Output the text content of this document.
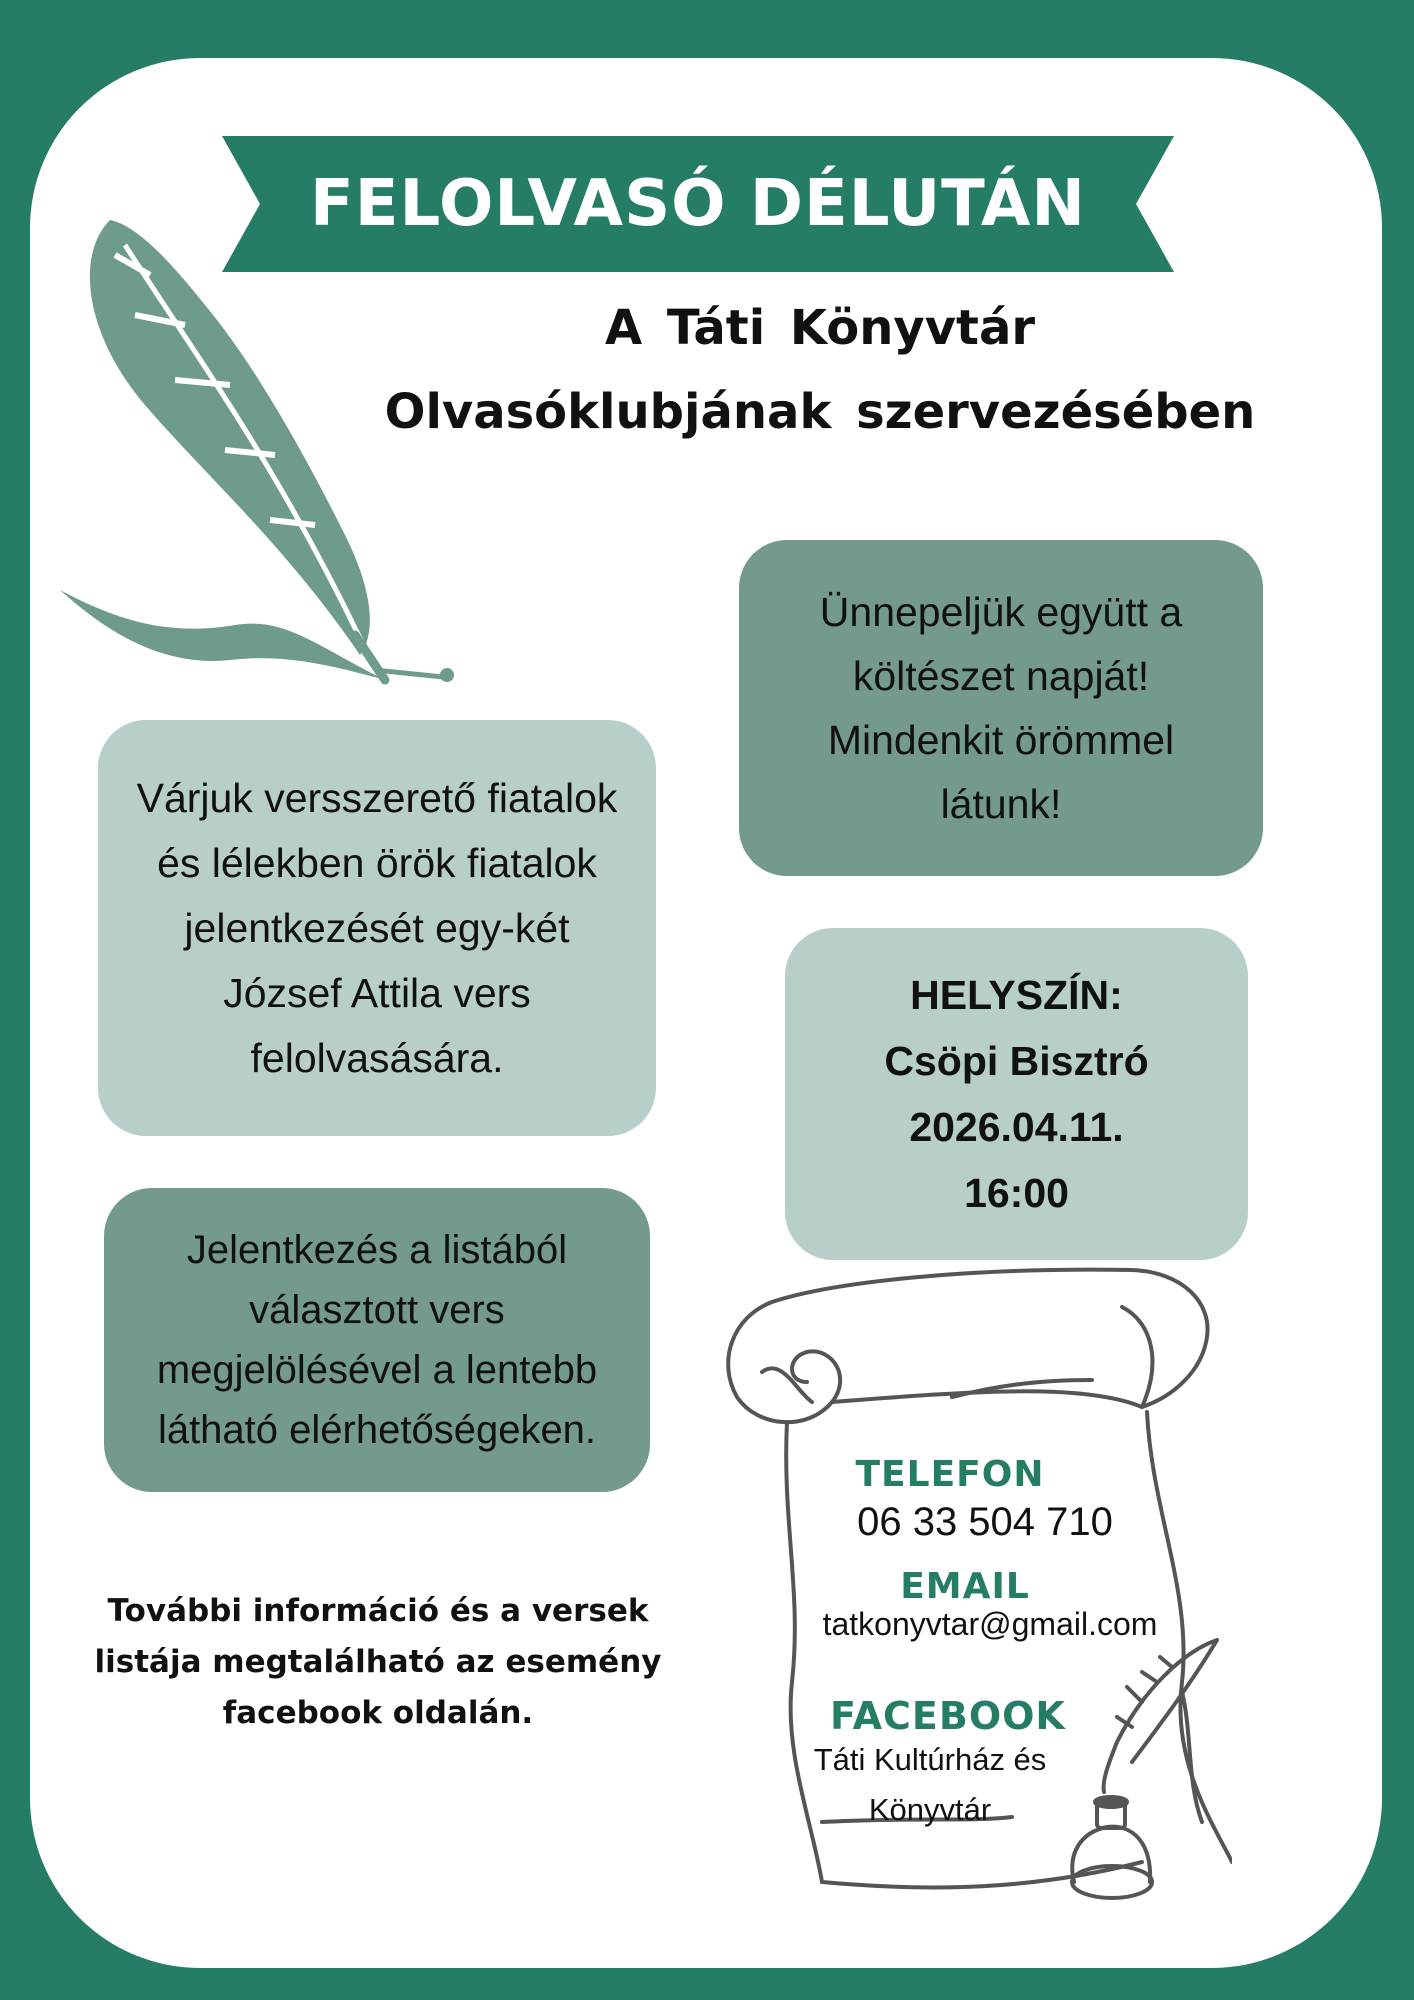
FELOLVASÓ DÉLUTÁN
A Táti Könyvtár
Olvasóklubjának szervezésében
Ünnepeljük együtt a
költészet napját!
Mindenkit örömmel
látunk!
Várjuk versszerető fiatalok
és lélekben örök fiatalok
jelentkezését egy-két
József Attila vers
felolvasására.
HELYSZÍN:
Csöpi Bisztró
2026.04.11.
16:00
Jelentkezés a listából
választott vers
megjelölésével a lentebb
látható elérhetőségeken.
További információ és a versek
listája megtalálható az esemény
facebook oldalán.
TELEFON
06 33 504 710
EMAIL
tatkonyvtar@gmail.com
FACEBOOK
Táti Kultúrház és
Könyvtár
